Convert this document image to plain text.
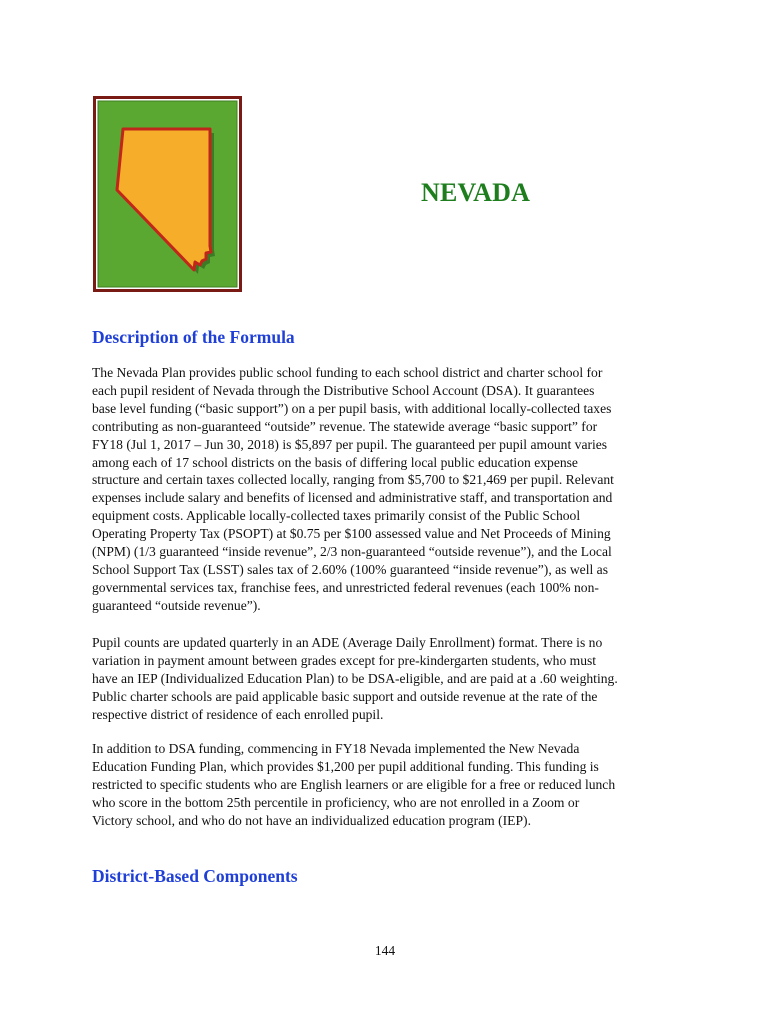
NEVADA
Description of the Formula

The Nevada Plan provides public school funding to each school district and charter school for
each pupil resident of Nevada through the Distributive School Account (DSA). It guarantees
base level funding (“basic support”) on a per pupil basis, with additional locally-collected taxes
contributing as non-guaranteed “outside” revenue. The statewide average “basic support” for
FY18 (Jul 1, 2017 – Jun 30, 2018) is $5,897 per pupil. The guaranteed per pupil amount varies
among each of 17 school districts on the basis of differing local public education expense
structure and certain taxes collected locally, ranging from $5,700 to $21,469 per pupil. Relevant
expenses include salary and benefits of licensed and administrative staff, and transportation and
equipment costs. Applicable locally-collected taxes primarily consist of the Public School
Operating Property Tax (PSOPT) at $0.75 per $100 assessed value and Net Proceeds of Mining
(NPM) (1/3 guaranteed “inside revenue”, 2/3 non-guaranteed “outside revenue”), and the Local
School Support Tax (LSST) sales tax of 2.60% (100% guaranteed “inside revenue”), as well as
governmental services tax, franchise fees, and unrestricted federal revenues (each 100% non-
guaranteed “outside revenue”).

Pupil counts are updated quarterly in an ADE (Average Daily Enrollment) format. There is no
variation in payment amount between grades except for pre-kindergarten students, who must
have an IEP (Individualized Education Plan) to be DSA-eligible, and are paid at a .60 weighting.
Public charter schools are paid applicable basic support and outside revenue at the rate of the
respective district of residence of each enrolled pupil.

In addition to DSA funding, commencing in FY18 Nevada implemented the New Nevada
Education Funding Plan, which provides $1,200 per pupil additional funding. This funding is
restricted to specific students who are English learners or are eligible for a free or reduced lunch
who score in the bottom 25th percentile in proficiency, who are not enrolled in a Zoom or
Victory school, and who do not have an individualized education program (IEP).

District-Based Components
144
